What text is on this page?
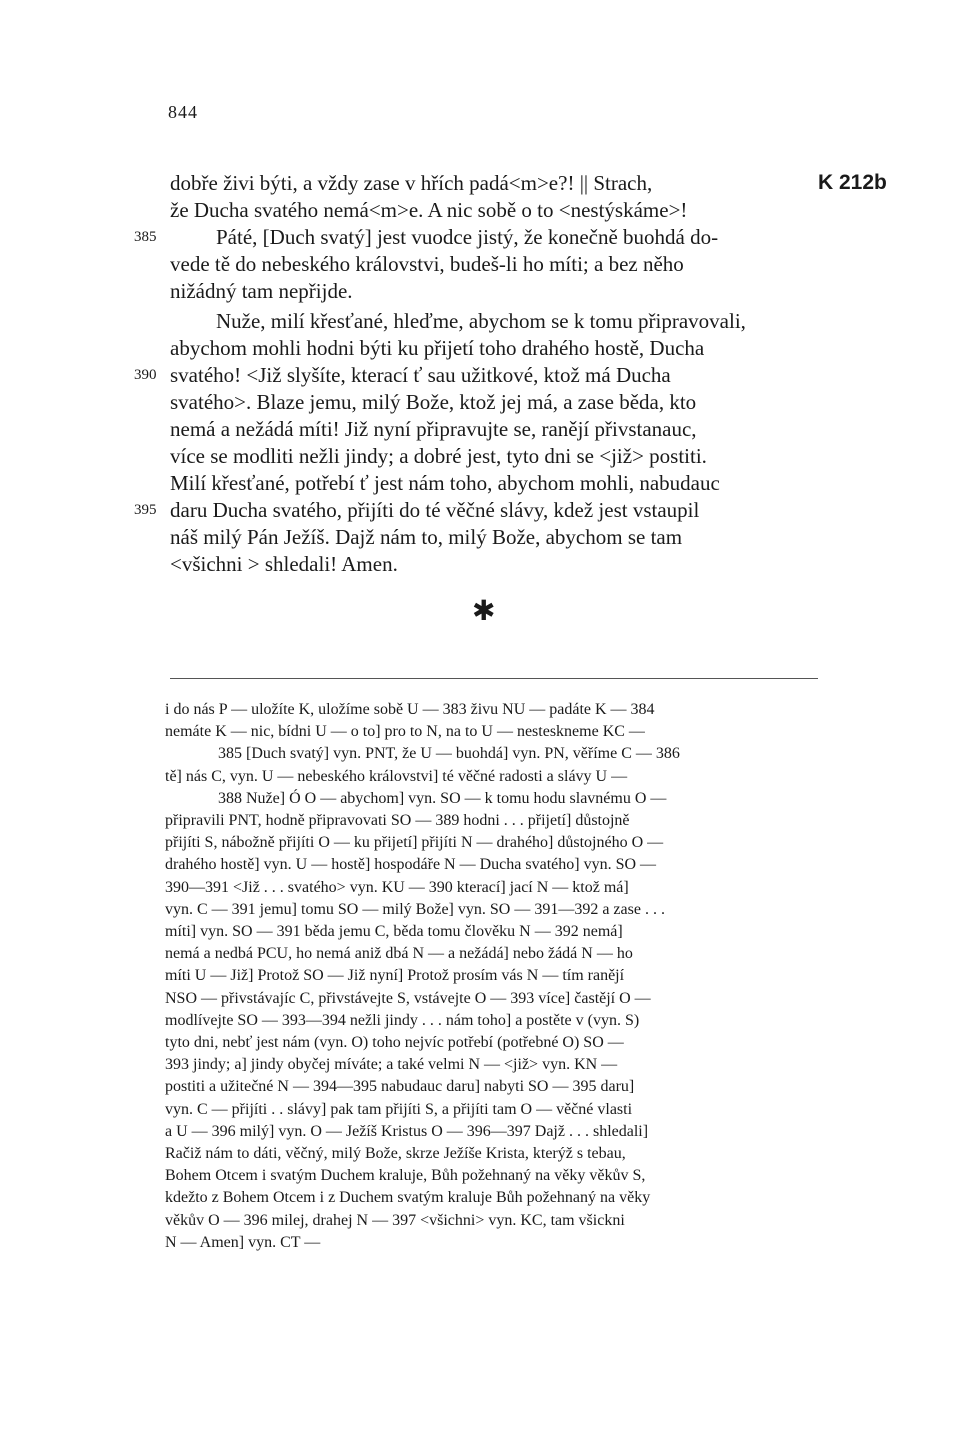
844
K 212b
dobře živi býti, a vždy zase v hřích padá<m>e?! || Strach,
že Ducha svatého nemá<m>e. A nic sobě o to <nestýskáme>!
385	Páté, [Duch svatý] jest vuodce jistý, že konečně buohdá do-
vede tě do nebeského královstvi, budeš-li ho míti; a bez něho
nižádný tam nepřijde.
Nuže, milí křesťané, hleďme, abychom se k tomu připravovali,
abychom mohli hodni býti ku přijetí toho drahého hostě, Ducha
390 svatého! <Již slyšíte, kterací ť sau užitkové, ktož má Ducha
svatého>. Blaze jemu, milý Bože, ktož jej má, a zase běda, kto
nemá a nežádá míti! Již nyní připravujte se, ranějí přivstanauc,
více se modliti nežli jindy; a dobré jest, tyto dni se <již> postiti.
Milí křesťané, potřebí ť jest nám toho, abychom mohli, nabudauc
395 daru Ducha svatého, přijíti do té věčné slávy, kdež jest vstaupil
náš milý Pán Ježíš. Dajž nám to, milý Bože, abychom se tam
<všichni > shledali! Amen.
✱
i do nás P — uložíte K, uložíme sobě U — 383 živu NU — padáte K — 384
nemáte K — nic, bídni U — o to] pro to N, na to U — nestesknemе KC —
385 [Duch svatý] vyn. PNT, že U — buohdá] vyn. PN, věříme C — 386
tě] nás C, vyn. U — nebeského královstvi] té věčné radosti a slávy U —
388 Nuže] Ó O — abychom] vyn. SO — k tomu hodu slavnému O —
připravili PNT, hodně připravovati SO — 389 hodni . . . přijetí] důstojně
přijíti S, nábožně přijíti O — ku přijetí] přijíti N — drahého] důstojného O —
drahého hostě] vyn. U — hostě] hospodáře N — Ducha svatého] vyn. SO —
390—391 <Již . . . svatého> vyn. KU — 390 kterací] jací N — ktož má]
vyn. C — 391 jemu] tomu SO — milý Bože] vyn. SO — 391—392 a zase . . .
míti] vyn. SO — 391 běda jemu C, běda tomu člověku N — 392 nemá]
nemá a nedbá PCU, ho nemá aniž dbá N — a nežádá] nebo žádá N — ho
míti U — Již] Protož SO — Již nyní] Protož prosím vás N — tím ranějí
NSO — přivstávajíc C, přivstávejte S, vstávejte O — 393 více] častějí O —
modlívejte SO — 393—394 nežli jindy . . . nám toho] a postěte v (vyn. S)
tyto dni, nebť jest nám (vyn. O) toho nejvíc potřebí (potřebné O) SO —
393 jindy; a] jindy obyčej míváte; a také velmi N — <již> vyn. KN —
postiti a užitečné N — 394—395 nabudauc daru] nabyti SO — 395 daru]
vyn. C — přijíti . . slávy] pak tam přijíti S, a přijíti tam O — věčné vlasti
a U — 396 milý] vyn. O — Ježíš Kristus O — 396—397 Dajž . . . shledali]
Račiž nám to dáti, věčný, milý Bože, skrze Ježíše Krista, kterýž s tebau,
Bohem Otcem i svatým Duchem kraluje, Bůh požehnaný na věky věkův S,
kdežto z Bohem Otcem i z Duchem svatým kraluje Bůh požehnaný na věky
věkův O — 396 milej, drahej N — 397 <všichni> vyn. KC, tam všickni
N — Amen] vyn. CT —
